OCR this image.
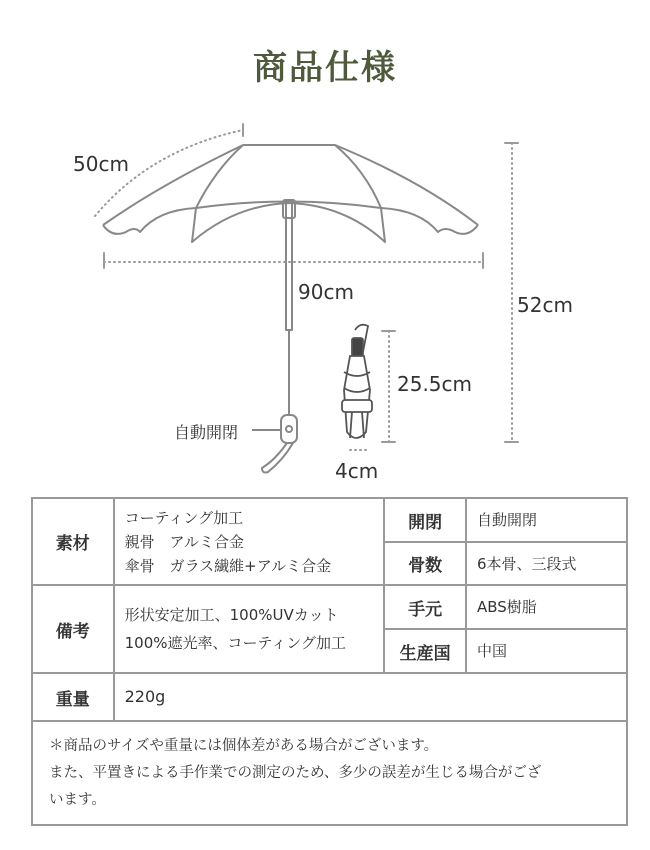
商品仕様
50cm
90cm
52cm
25.5cm
4cm
自動開閉
素材	コーティング加工
親骨　アルミ合金
傘骨　ガラス繊維+アルミ合金	開閉	自動開閉
		骨数	6本骨、三段式
備考	形状安定加工、100%UVカット
100%遮光率、コーティング加工	手元	ABS樹脂
		生産国	中国
重量	220g		

＊商品のサイズや重量には個体差がある場合がございます。
また、平置きによる手作業での測定のため、多少の誤差が生じる場合がござ
います。			
